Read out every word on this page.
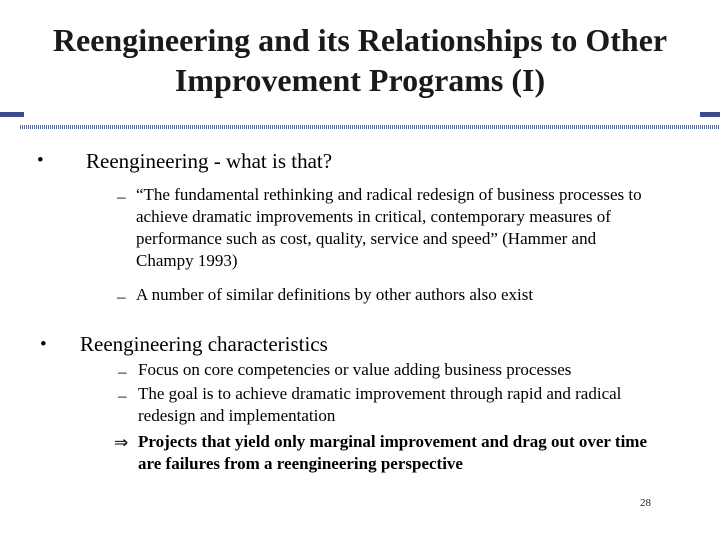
Reengineering and its Relationships to Other Improvement Programs (I)
• Reengineering - what is that?
– “The fundamental rethinking and radical redesign of business processes to achieve dramatic improvements in critical, contemporary measures of performance such as cost, quality, service and speed” (Hammer and Champy 1993)
– A number of similar definitions by other authors also exist
• Reengineering characteristics
– Focus on core competencies or value adding business processes
– The goal is to achieve dramatic improvement through rapid and radical redesign and implementation
⇒ Projects that yield only marginal improvement and drag out over time are failures from a reengineering perspective
28
